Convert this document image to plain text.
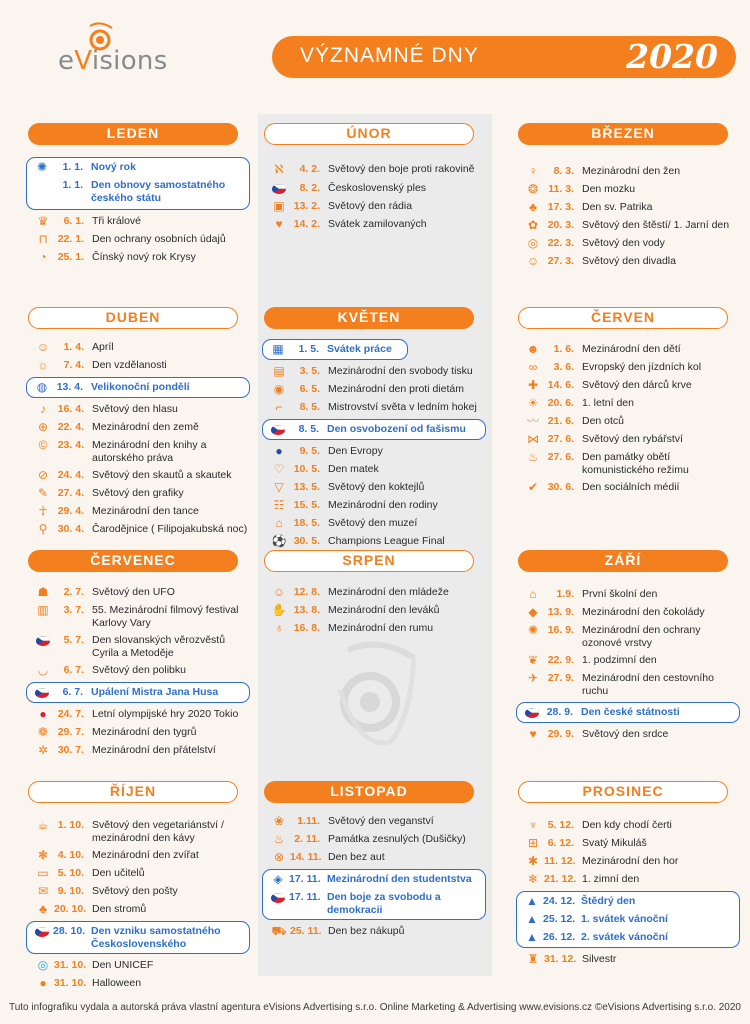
eVisions	VÝZNAMNÉ DNY	2020
LEDEN
✺	1. 1. Nový rok
1. 1. Den obnovy samostatného českého státu
♛	6. 1. Tři králové
⊓ 22. 1. Den ochrany osobních údajů
◔	25. 1. Čínský nový rok Krysy
ÚNOR
ℵ	4. 2. Světový den boje proti rakovině
8. 2. Československý ples
▣ 13. 2. Světový den rádia
♥	14. 2. Svátek zamilovaných
BŘEZEN
♀	8. 3. Mezinárodní den žen
❂ 11. 3. Den mozku
♣	17. 3. Den sv. Patrika
✿ 20. 3. Světový den štěstí/ 1. Jarní den
◎ 22. 3. Světový den vody
☺ 27. 3. Světový den divadla
DUBEN
☺	1. 4. Apríl
☼	7. 4. Den vzdělanosti
◍ 13. 4. Velikonoční pondělí
♪	16. 4. Světový den hlasu
⊕ 22. 4. Mezinárodní den země
© 23. 4. Mezinárodní den knihy a autorského práva
⊘ 24. 4. Světový den skautů a skautek
✎ 27. 4. Světový den grafiky
☥ 29. 4. Mezinárodní den tance
⚲ 30. 4. Čarodějnice ( Filipojakubská noc)
KVĚTEN
▦	1. 5. Svátek práce
▤	3. 5. Mezinárodní den svobody tisku
◉	6. 5. Mezinárodní den proti dietám
⌐	8. 5. Mistrovství světa v ledním hokej
8. 5. Den osvobození od fašismu
●	9. 5. Den Evropy
♡ 10. 5. Den matek
▽ 13. 5. Světový den koktejlů
☷ 15. 5. Mezinárodní den rodiny
⌂	18. 5. Světový den muzeí
⚽ 30. 5. Champions League Final
ČERVEN
☻	1. 6. Mezinárodní den dětí
∞	3. 6. Evropský den jízdních kol
✚ 14. 6. Světový den dárců krve
☀ 20. 6. 1. letní den
〰 21. 6. Den otců
⋈ 27. 6. Světový den rybářství
♨ 27. 6. Den památky obětí komunistického režimu
✔ 30. 6. Den sociálních médií
ČERVENEC
☗	2. 7. Světový den UFO
▥	3. 7. 55. Mezinárodní filmový festival Karlovy Vary
5. 7. Den slovanských věrozvěstů Cyrila a Metoděje
◡	6. 7. Světový den polibku
6. 7. Upálení Mistra Jana Husa
●	24. 7. Letní olympijské hry 2020 Tokio
❁ 29. 7. Mezinárodní den tygrů
✲ 30. 7. Mezinárodní den přátelství
SRPEN
☺ 12. 8. Mezinárodní den mládeže
✋ 13. 8. Mezinárodní den leváků
♁ 16. 8. Mezinárodní den rumu
ZÁŘÍ
⌂	1.9. První školní den
◆ 13. 9. Mezinárodní den čokolády
✺ 16. 9. Mezinárodní den ochrany ozonové vrstvy
❦ 22. 9. 1. podzimní den
✈ 27. 9. Mezinárodní den cestovního ruchu
28. 9. Den české státnosti
♥	29. 9. Světový den srdce
ŘÍJEN
☕ 1. 10. Světový den vegetariánství / mezinárodní den kávy
❃ 4. 10. Mezinárodní den zvířat
▭ 5. 10. Den učitelů
✉ 9. 10. Světový den pošty
♣ 20. 10. Den stromů
28. 10. Den vzniku samostatného Československého
◎ 31. 10. Den UNICEF
● 31. 10. Halloween
LISTOPAD
❀	1.11. Světový den veganství
♨ 2. 11. Památka zesnulých (Dušičky)
⊗ 14. 11. Den bez aut
◈ 17. 11. Mezinárodní den studentstva
17. 11. Den boje za svobodu a demokracii
⛟ 25. 11. Den bez nákupů
PROSINEC
♆ 5. 12. Den kdy chodí čerti
⊞ 6. 12. Svatý Mikuláš
✱ 11. 12. Mezinárodní den hor
❄ 21. 12. 1. zimní den
▲ 24. 12. Štědrý den
▲ 25. 12. 1. svátek vánoční
▲ 26. 12. 2. svátek vánoční
♜ 31. 12. Silvestr
Tuto infografiku vydala a autorská práva vlastní agentura eVisions Advertising s.r.o. Online Marketing & Advertising www.evisions.cz ©eVisions Advertising s.r.o. 2020
